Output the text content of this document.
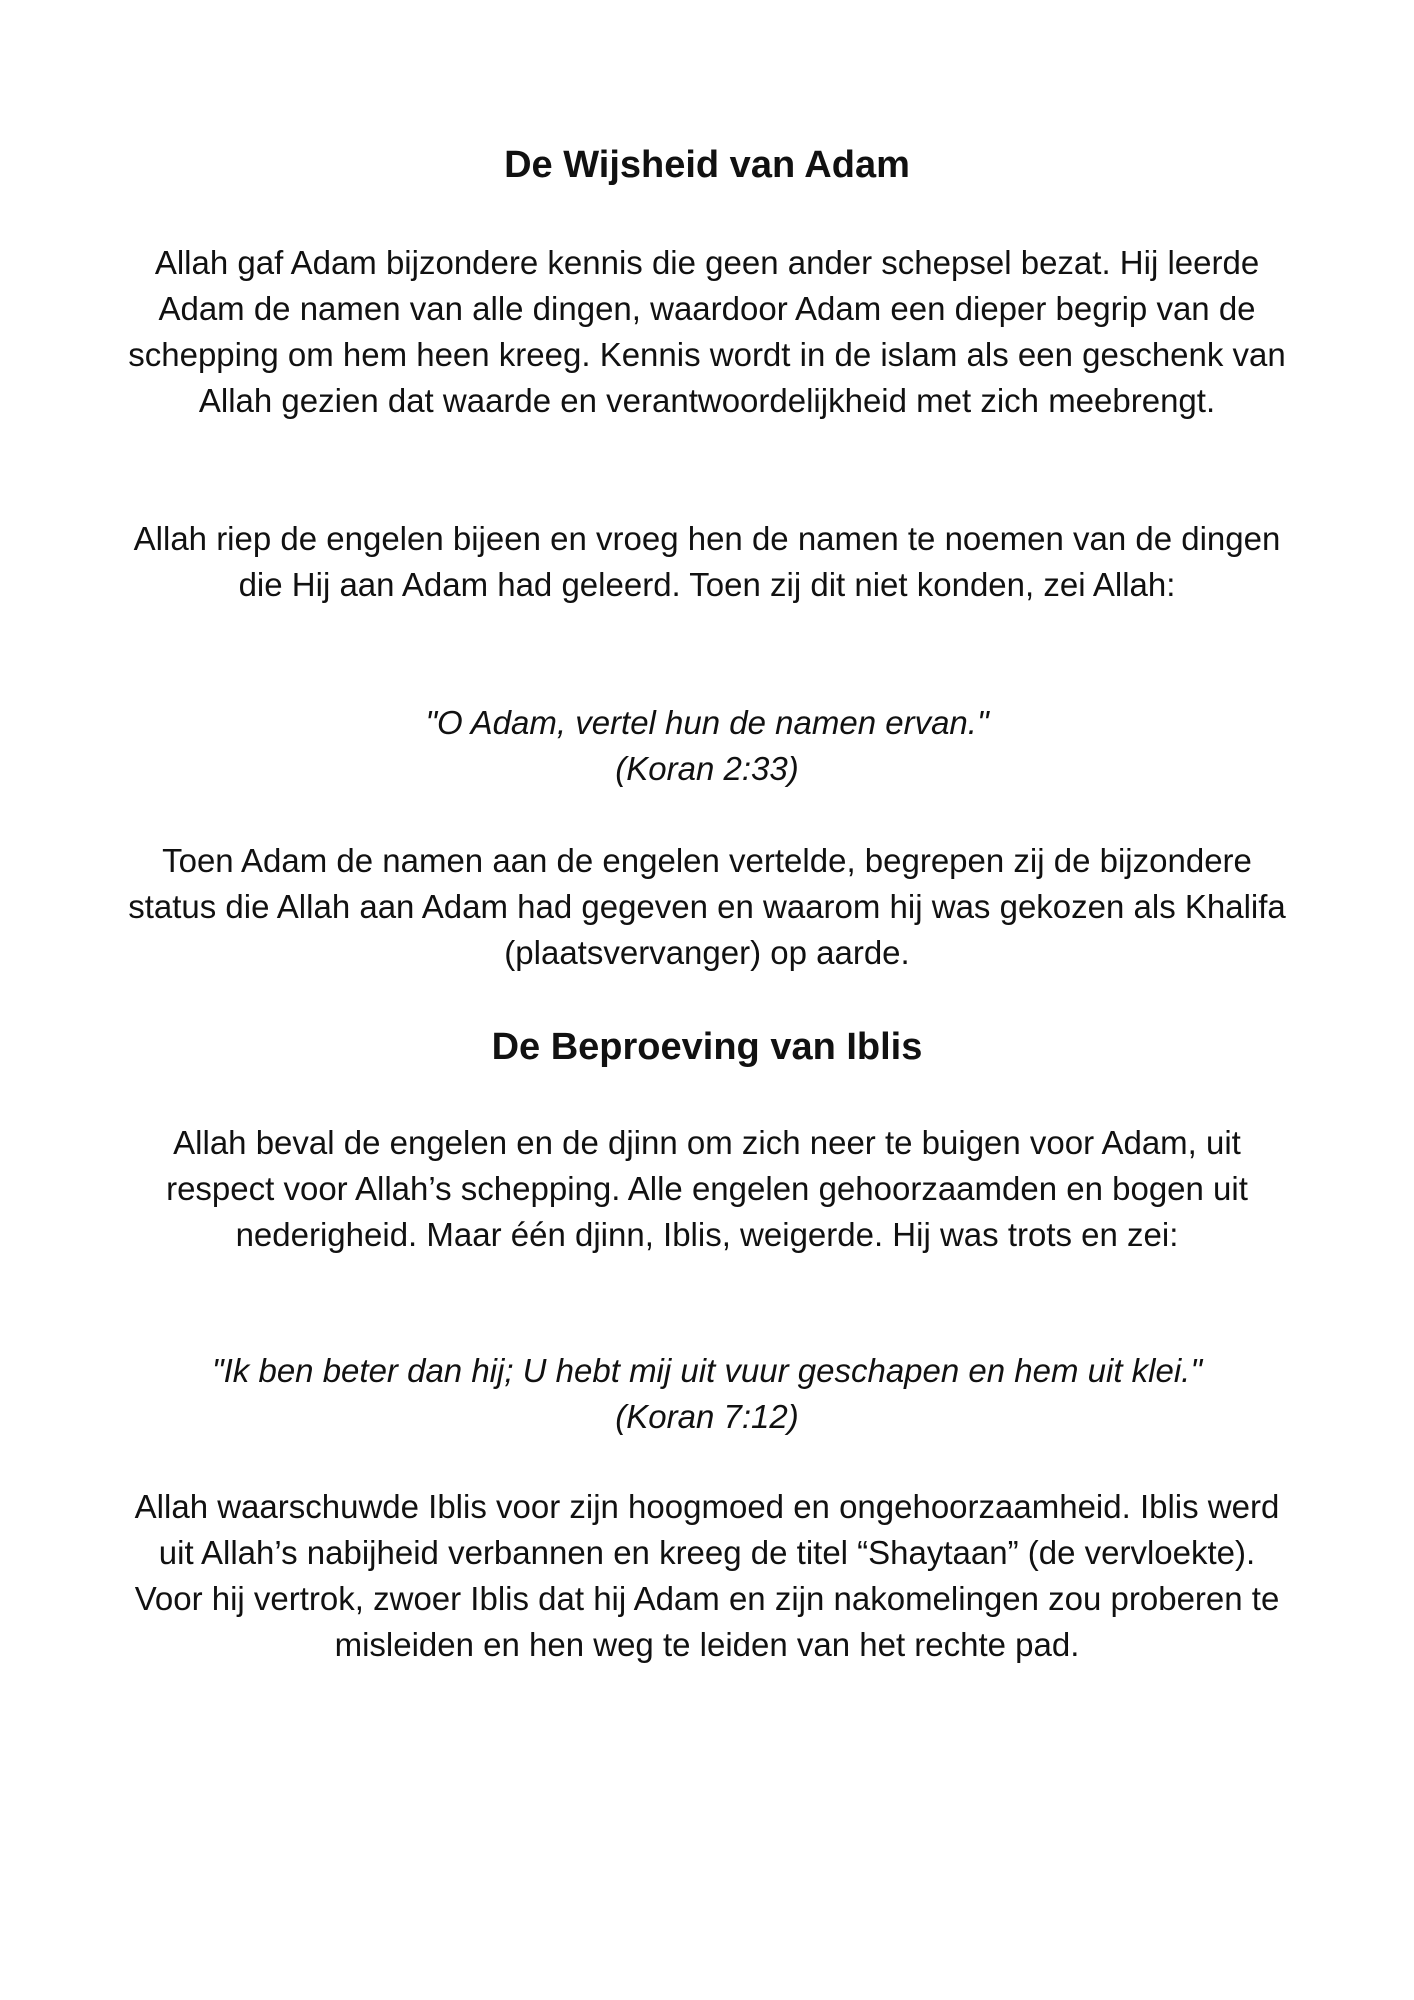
De Wijsheid van Adam

Allah gaf Adam bijzondere kennis die geen ander schepsel bezat. Hij leerde Adam de namen van alle dingen, waardoor Adam een dieper begrip van de schepping om hem heen kreeg. Kennis wordt in de islam als een geschenk van Allah gezien dat waarde en verantwoordelijkheid met zich meebrengt.

Allah riep de engelen bijeen en vroeg hen de namen te noemen van de dingen die Hij aan Adam had geleerd. Toen zij dit niet konden, zei Allah:

"O Adam, vertel hun de namen ervan."
(Koran 2:33)

Toen Adam de namen aan de engelen vertelde, begrepen zij de bijzondere status die Allah aan Adam had gegeven en waarom hij was gekozen als Khalifa (plaatsvervanger) op aarde.

De Beproeving van Iblis

Allah beval de engelen en de djinn om zich neer te buigen voor Adam, uit respect voor Allah’s schepping. Alle engelen gehoorzaamden en bogen uit nederigheid. Maar één djinn, Iblis, weigerde. Hij was trots en zei:

"Ik ben beter dan hij; U hebt mij uit vuur geschapen en hem uit klei."
(Koran 7:12)

Allah waarschuwde Iblis voor zijn hoogmoed en ongehoorzaamheid. Iblis werd uit Allah’s nabijheid verbannen en kreeg de titel “Shaytaan” (de vervloekte). Voor hij vertrok, zwoer Iblis dat hij Adam en zijn nakomelingen zou proberen te misleiden en hen weg te leiden van het rechte pad.
